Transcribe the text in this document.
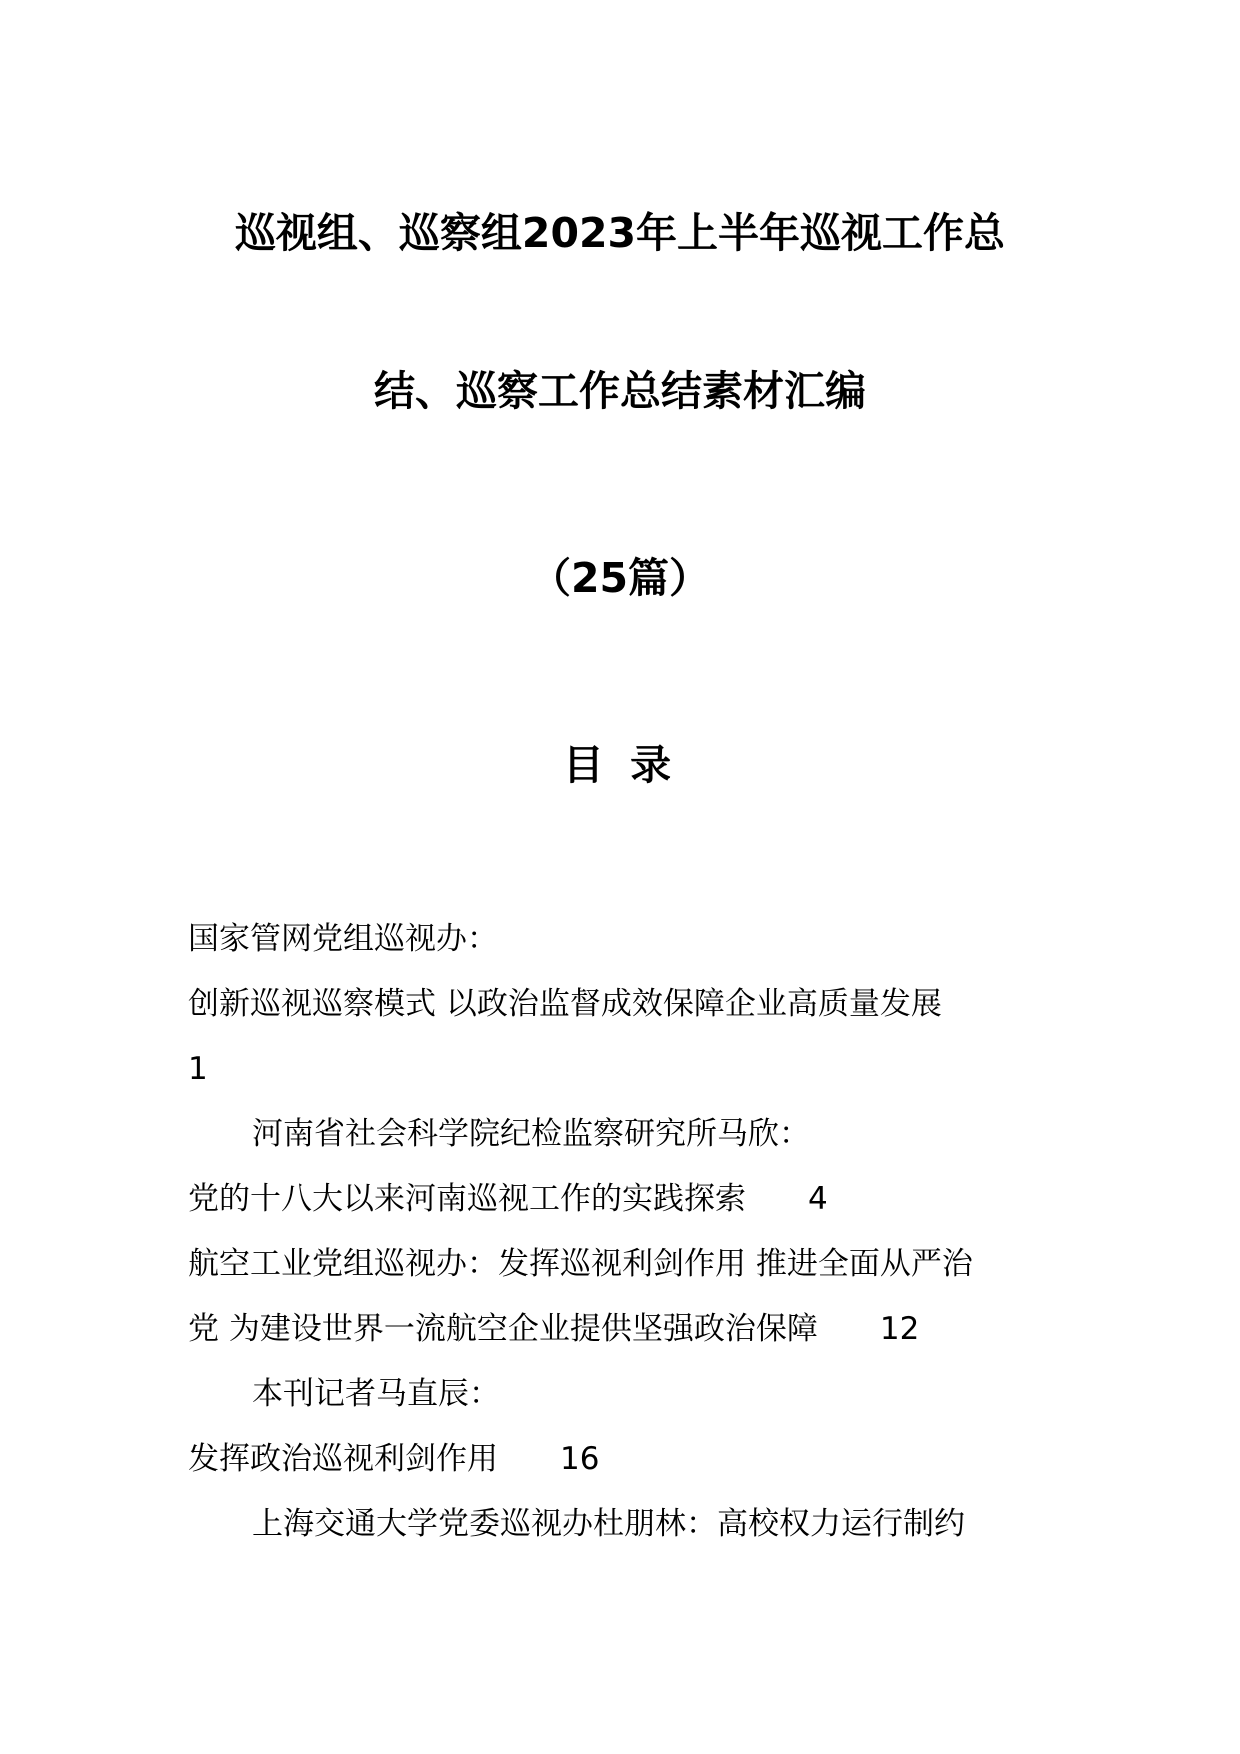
巡视组、巡察组2023年上半年巡视工作总
结、巡察工作总结素材汇编
（25篇）
目 录
国家管网党组巡视办：
创新巡视巡察模式 以政治监督成效保障企业高质量发展
1
河南省社会科学院纪检监察研究所马欣：
党的十八大以来河南巡视工作的实践探索 4
航空工业党组巡视办：发挥巡视利剑作用 推进全面从严治
党 为建设世界一流航空企业提供坚强政治保障 12
本刊记者马直辰：
发挥政治巡视利剑作用 16
上海交通大学党委巡视办杜朋林：高校权力运行制约
